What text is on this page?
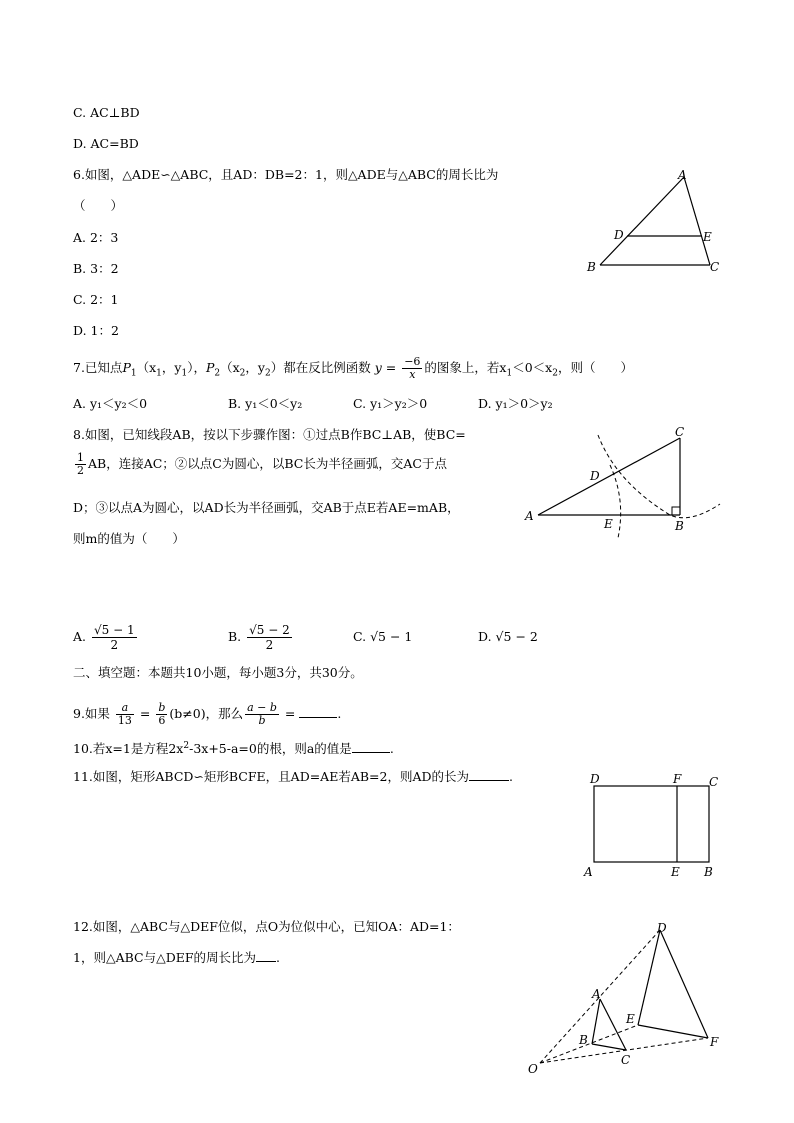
C. AC⊥BD
D. AC=BD
6.如图，△ADE∽△ABC，且AD：DB=2：1，则△ADE与△ABC的周长比为
（　　）
A. 2：3
B. 3：2
C. 2：1
D. 1：2
A
D	E
B	C
7.已知点$P_1(x_1$，$y_1$），$P_2(x_2$，$y_2$）都在反比例函数 $y = \frac{-6}{x}$ 的图象上，若$x_1<0<x_2$，则（　　）
A. y₁＜y₂＜0	B. y₁＜0＜y₂	C. y₁＞y₂＞0	D. y₁＞0＞y₂
8.如图，已知线段AB，按以下步骤作图：①过点B作BC⊥AB，使BC=
$\frac{1}{2}$ AB，连接AC；②以点C为圆心，以BC长为半径画弧，交AC于点
D；③以点A为圆心，以AD长为半径画弧，交AB于点E若AE=mAB，
则m的值为（　　）
C
D
A
E	B
A. $\frac{√5 - 1}{2}$	B. $\frac{√5 - 2}{2}$	C. √5 − 1	D. √5 − 2
二、填空题：本题共10小题，每小题3分，共30分。
9.如果 $\frac{a}{13} = \frac{b}{6} (b\ne 0)$，那么 $\frac{a - b}{b}$ =	.
10.若x=1是方程$2x^2-3x+5-a=0$的根，则a的值是	.
11.如图，矩形ABCD∽矩形BCFE，且AD=AE若AB=2，则AD的长为	.	D	F C
A	E B
12.如图，△ABC与△DEF位似，点O为位似中心，已知OA：AD=1：
1，则△ABC与△DEF的周长比为 .
D
A
E
B	F
O
C
